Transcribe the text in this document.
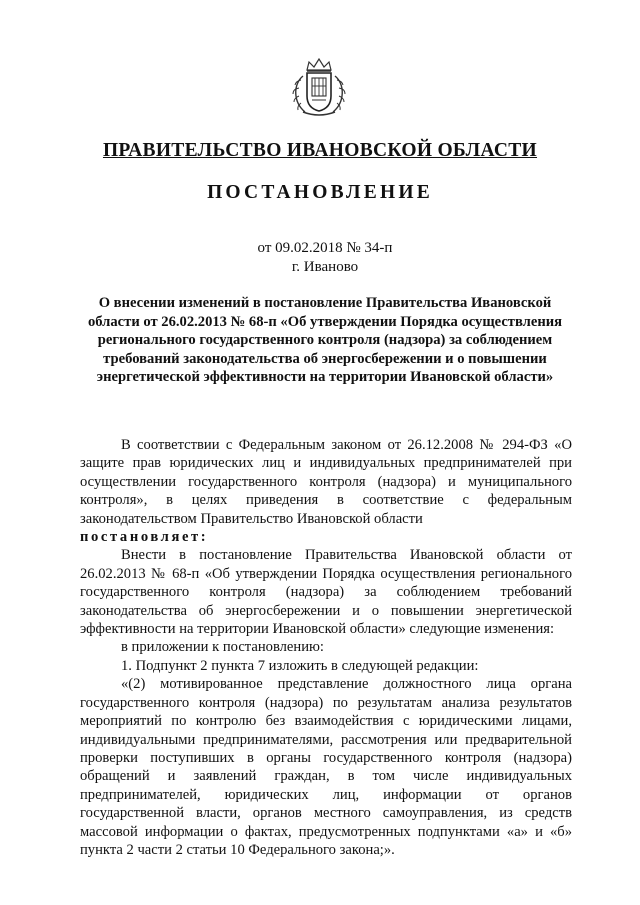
ПРАВИТЕЛЬСТВО ИВАНОВСКОЙ ОБЛАСТИ
ПОСТАНОВЛЕНИЕ
от 09.02.2018 № 34-п
г. Иваново
О внесении изменений в постановление Правительства Ивановской области от 26.02.2013 № 68-п «Об утверждении Порядка осуществления регионального государственного контроля (надзора) за соблюдением требований законодательства об энергосбережении и о повышении энергетической эффективности на территории Ивановской области»

В соответствии с Федеральным законом от 26.12.2008 № 294-ФЗ «О защите прав юридических лиц и индивидуальных предпринимателей при осуществлении государственного контроля (надзора) и муниципального контроля», в целях приведения в соответствие с федеральным законодательством Правительство Ивановской области

постановляет:

Внести в постановление Правительства Ивановской области от 26.02.2013 № 68-п «Об утверждении Порядка осуществления регионального государственного контроля (надзора) за соблюдением требований законодательства об энергосбережении и о повышении энергетической эффективности на территории Ивановской области» следующие изменения:

в приложении к постановлению:

1. Подпункт 2 пункта 7 изложить в следующей редакции:

«(2) мотивированное представление должностного лица органа государственного контроля (надзора) по результатам анализа результатов мероприятий по контролю без взаимодействия с юридическими лицами, индивидуальными предпринимателями, рассмотрения или предварительной проверки поступивших в органы государственного контроля (надзора) обращений и заявлений граждан, в том числе индивидуальных предпринимателей, юридических лиц, информации от органов государственной власти, органов местного самоуправления, из средств массовой информации о фактах, предусмотренных подпунктами «а» и «б» пункта 2 части 2 статьи 10 Федерального закона;».
